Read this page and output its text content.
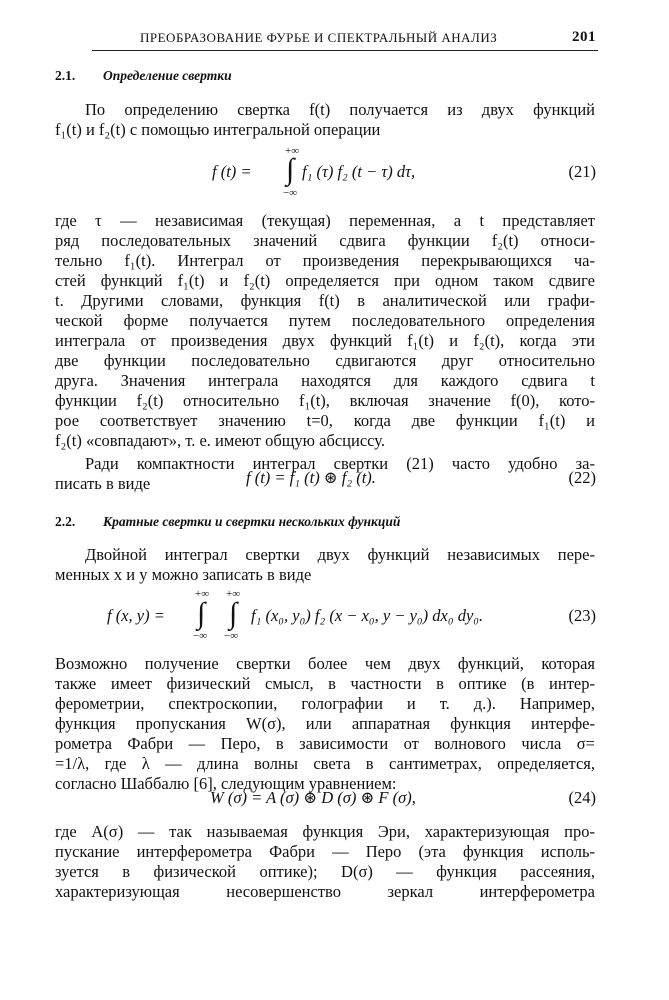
ПРЕОБРАЗОВАНИЕ ФУРЬЕ И СПЕКТРАЛЬНЫЙ АНАЛИЗ	201
2.1. Определение свертки
По определению свертка f(t) получается из двух функций
f₁(t) и f₂(t) с помощью интегральной операции
+∞
f (t) = ∫ f₁ (τ) f₂ (t − τ) dτ,
−∞
(21)
где τ — независимая (текущая) переменная, а t представляет
ряд последовательных значений сдвига функции f₂(t) относи-
тельно f₁(t). Интеграл от произведения перекрывающихся ча-
стей функций f₁(t) и f₂(t) определяется при одном таком сдвиге
t. Другими словами, функция f(t) в аналитической или графи-
ческой форме получается путем последовательного определения
интеграла от произведения двух функций f₁(t) и f₂(t), когда эти
две функции последовательно сдвигаются друг относительно
друга. Значения интеграла находятся для каждого сдвига t
функции f₂(t) относительно f₁(t), включая значение f(0), кото-
рое соответствует значению t=0, когда две функции f₁(t) и
f₂(t) «совпадают», т. е. имеют общую абсциссу.
Ради компактности интеграл свертки (21) часто удобно за-
писать в виде	f (t) = f₁ (t) ⊛ f₂ (t).	(22)
2.2. Кратные свертки и свертки нескольких функций
Двойной интеграл свертки двух функций независимых пере-
менных x и y можно записать в виде
+∞ +∞
f (x, y) = ∫ ∫ f₁ (x₀, y₀) f₂ (x − x₀, y − y₀) dx₀ dy₀.
−∞ −∞
(23)
Возможно получение свертки более чем двух функций, которая
также имеет физический смысл, в частности в оптике (в интер-
ферометрии, спектроскопии, голографии и т. д.). Например,
функция пропускания W(σ), или аппаратная функция интерфе-
рометра Фабри — Перо, в зависимости от волнового числа σ=
=1/λ, где λ — длина волны света в сантиметрах, определяется,
согласно Шаббалю [6], следующим уравнением:
W (σ) = A (σ) ⊛ D (σ) ⊛ F (σ),	(24)
где A(σ) — так называемая функция Эри, характеризующая про-
пускание интерферометра Фабри — Перо (эта функция исполь-
зуется в физической оптике); D(σ) — функция рассеяния,
характеризующая несовершенство зеркал интерферометра
